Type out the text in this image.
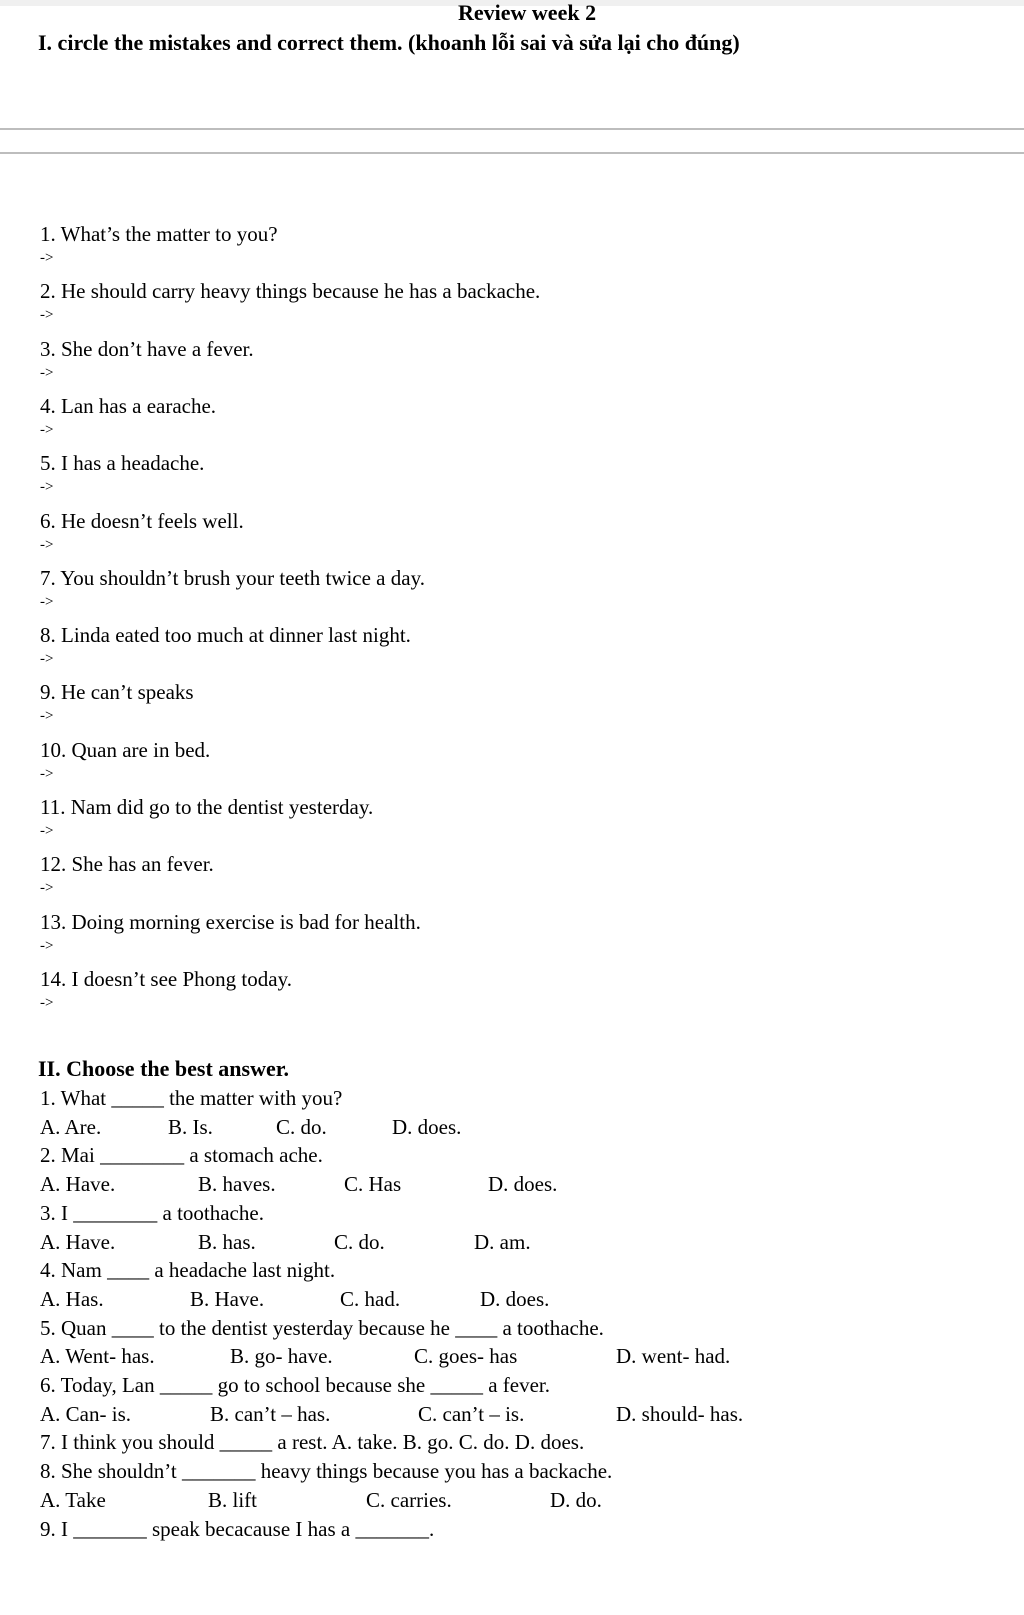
Review week 2
I. circle the mistakes and correct them. (khoanh lỗi sai và sửa lại cho đúng)
1. What’s the matter to you?
->
2. He should carry heavy things because he has a backache.
->
3. She don’t have a fever.
->
4. Lan has a earache.
->
5. I has a headache.
->
6. He doesn’t feels well.
->
7. You shouldn’t brush your teeth twice a day.
->
8. Linda eated too much at dinner last night.
->
9. He can’t speaks
->
10. Quan are in bed.
->
11. Nam did go to the dentist yesterday.
->
12. She has an fever.
->
13. Doing morning exercise is bad for health.
->
14. I doesn’t see Phong today.
->
II. Choose the best answer.
1. What _____ the matter with you?
A. Are.	B. Is.	C. do.	D. does.
2. Mai ________ a stomach ache.
A. Have.	B. haves.	C. Has	D. does.
3. I ________ a toothache.
A. Have.	B. has.	C. do.	D. am.
4. Nam ____ a headache last night.
A. Has.	B. Have.	C. had.	D. does.
5. Quan ____ to the dentist yesterday because he ____ a toothache.
A. Went- has.	B. go- have.	C. goes- has	D. went- had.
6. Today, Lan _____ go to school because she _____ a fever.
A. Can- is.	B. can’t – has.	C. can’t – is.	D. should- has.
7. I think you should _____ a rest. A. take. B. go. C. do. D. does.
8. She shouldn’t _______ heavy things because you has a backache.
A. Take	B. lift	C. carries.	D. do.
9. I _______ speak becacause I has a _______.
